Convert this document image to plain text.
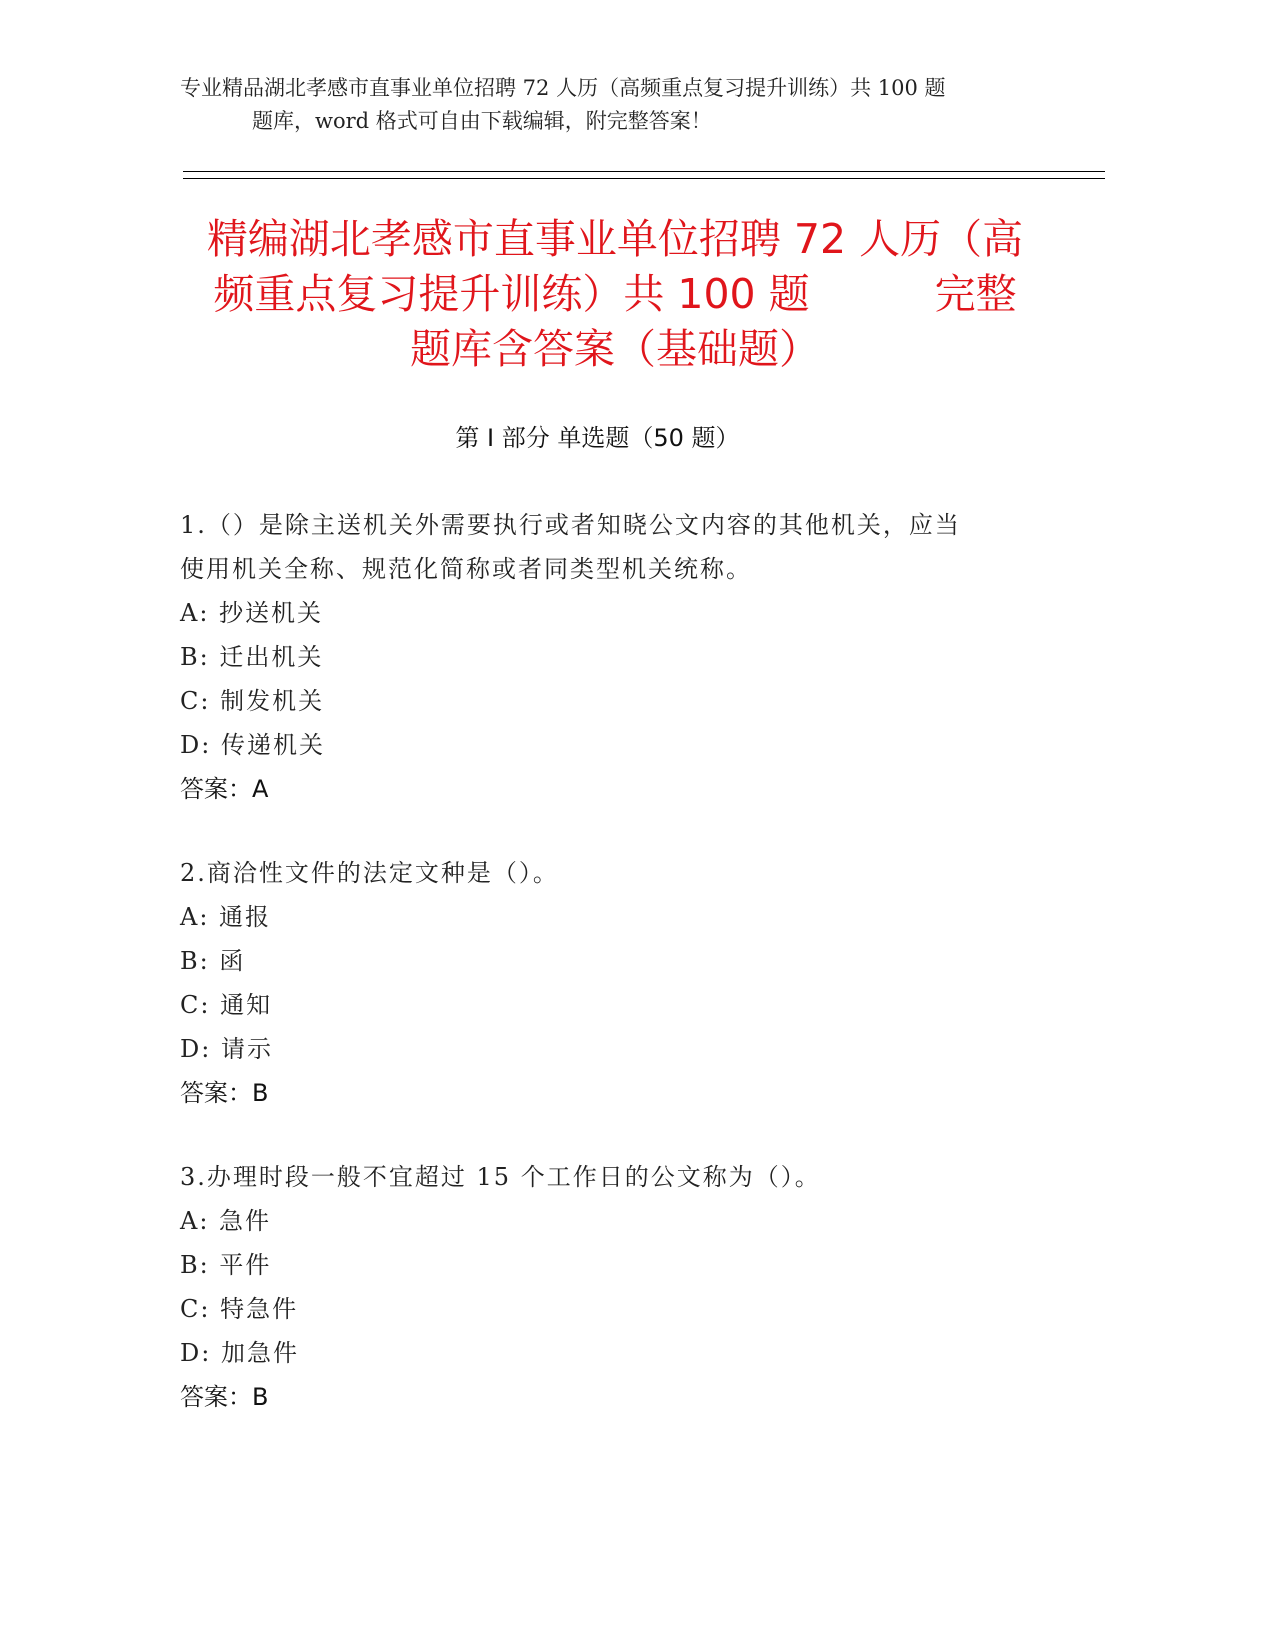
专业精品湖北孝感市直事业单位招聘 72 人历（高频重点复习提升训练）共 100 题
题库，word 格式可自由下载编辑，附完整答案！
精编湖北孝感市直事业单位招聘 72 人历（高
频重点复习提升训练）共 100 题	完整
题库含答案（基础题）
第 I 部分 单选题（50 题）

1.（）是除主送机关外需要执行或者知晓公文内容的其他机关，应当

使用机关全称、规范化简称或者同类型机关统称。

A: 抄送机关

B: 迁出机关

C: 制发机关

D: 传递机关

答案：A

2.商洽性文件的法定文种是（）。

A: 通报

B: 函

C: 通知

D: 请示

答案：B

3.办理时段一般不宜超过 15 个工作日的公文称为（）。

A: 急件

B: 平件

C: 特急件

D: 加急件

答案：B
